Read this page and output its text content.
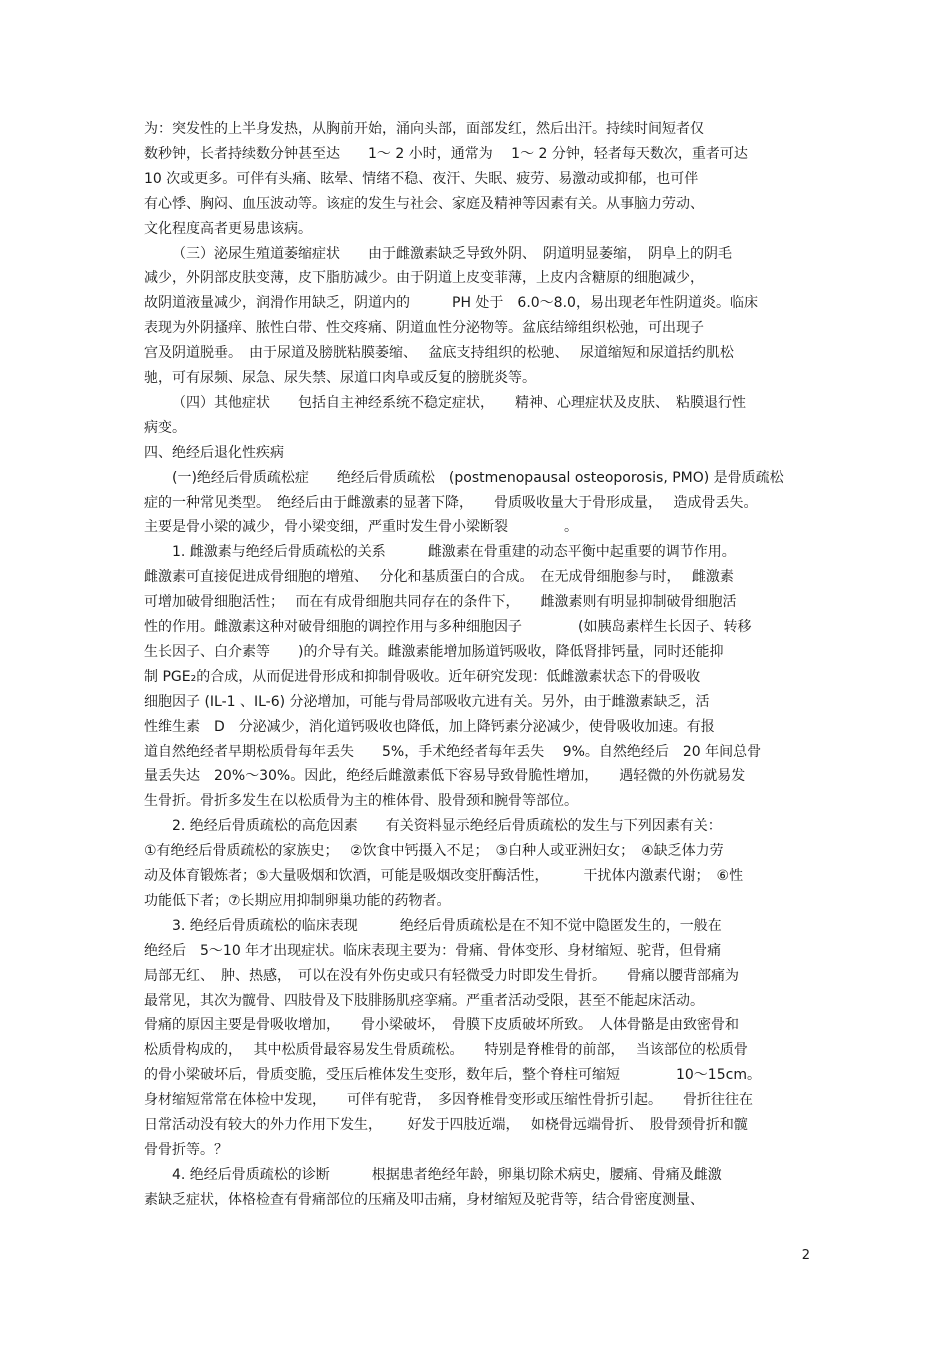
为：突发性的上半身发热，从胸前开始，涌向头部，面部发红，然后出汗。持续时间短者仅
数秒钟，长者持续数分钟甚至达　　1～ 2 小时，通常为　 1～ 2 分钟，轻者每天数次，重者可达
10 次或更多。可伴有头痛、眩晕、情绪不稳、夜汗、失眠、疲劳、易激动或抑郁，也可伴
有心悸、胸闷、血压波动等。该症的发生与社会、家庭及精神等因素有关。从事脑力劳动、
文化程度高者更易患该病。
（三）泌尿生殖道萎缩症状　　由于雌激素缺乏导致外阴、　阴道明显萎缩，　阴阜上的阴毛
减少，外阴部皮肤变薄，皮下脂肪减少。由于阴道上皮变菲薄，上皮内含糖原的细胞减少，
故阴道液量减少，润滑作用缺乏，阴道内的　　　PH 处于　6.0～8.0，易出现老年性阴道炎。临床
表现为外阴搔痒、脓性白带、性交疼痛、阴道血性分泌物等。盆底结缔组织松弛，可出现子
宫及阴道脱垂。　由于尿道及膀胱粘膜萎缩、　 盆底支持组织的松驰、　 尿道缩短和尿道括约肌松
驰，可有尿频、尿急、尿失禁、尿道口肉阜或反复的膀胱炎等。
（四）其他症状　　包括自主神经系统不稳定症状，　　精神、心理症状及皮肤、　粘膜退行性
病变。
四、绝经后退化性疾病
(一)绝经后骨质疏松症　　绝经后骨质疏松　(postmenopausal osteoporosis, PMO) 是骨质疏松
症的一种常见类型。　绝经后由于雌激素的显著下降，　　骨质吸收量大于骨形成量，　 造成骨丢失。
主要是骨小梁的减少，骨小梁变细，严重时发生骨小梁断裂　　　　。
1. 雌激素与绝经后骨质疏松的关系　　　雌激素在骨重建的动态平衡中起重要的调节作用。
雌激素可直接促进成骨细胞的增殖、　 分化和基质蛋白的合成。　在无成骨细胞参与时，　 雌激素
可增加破骨细胞活性；　 而在有成骨细胞共同存在的条件下，　　雌激素则有明显抑制破骨细胞活
性的作用。雌激素这种对破骨细胞的调控作用与多种细胞因子　　　　(如胰岛素样生长因子、转移
生长因子、白介素等　　)的介导有关。雌激素能增加肠道钙吸收，降低肾排钙量，同时还能抑
制 PGE₂的合成，从而促进骨形成和抑制骨吸收。近年研究发现：低雌激素状态下的骨吸收
细胞因子 (IL-1 、IL-6) 分泌增加，可能与骨局部吸收亢进有关。另外，由于雌激素缺乏，活
性维生素　D　分泌减少，消化道钙吸收也降低，加上降钙素分泌减少，使骨吸收加速。有报
道自然绝经者早期松质骨每年丢失　　5%，手术绝经者每年丢失　 9%。自然绝经后　20 年间总骨
量丢失达　20%～30%。因此，绝经后雌激素低下容易导致骨脆性增加，　　遇轻微的外伤就易发
生骨折。骨折多发生在以松质骨为主的椎体骨、股骨颈和腕骨等部位。
2. 绝经后骨质疏松的高危因素　　有关资料显示绝经后骨质疏松的发生与下列因素有关：
①有绝经后骨质疏松的家族史；　 ②饮食中钙摄入不足；　③白种人或亚洲妇女；　④缺乏体力劳
动及体育锻炼者；⑤大量吸烟和饮酒，可能是吸烟改变肝酶活性，　　　干扰体内激素代谢；　⑥性
功能低下者；⑦长期应用抑制卵巢功能的药物者。
3. 绝经后骨质疏松的临床表现　　　绝经后骨质疏松是在不知不觉中隐匿发生的，一般在
绝经后　5～10 年才出现症状。临床表现主要为：骨痛、骨体变形、身材缩短、驼背，但骨痛
局部无红、　肿、热感，　可以在没有外伤史或只有轻微受力时即发生骨折。　　骨痛以腰背部痛为
最常见，其次为髋骨、四肢骨及下肢腓肠肌痉挛痛。严重者活动受限，甚至不能起床活动。
骨痛的原因主要是骨吸收增加，　　骨小梁破坏，　骨膜下皮质破坏所致。　人体骨骼是由致密骨和
松质骨构成的，　 其中松质骨最容易发生骨质疏松。　　特别是脊椎骨的前部，　 当该部位的松质骨
的骨小梁破坏后，骨质变脆，受压后椎体发生变形，数年后，整个脊柱可缩短　　　　10～15cm。
身材缩短常常在体检中发现，　　可伴有驼背，　多因脊椎骨变形或压缩性骨折引起。　　骨折往往在
日常活动没有较大的外力作用下发生，　　 好发于四肢近端，　 如桡骨远端骨折、　股骨颈骨折和髋
骨骨折等。？
4. 绝经后骨质疏松的诊断　　　根据患者绝经年龄，卵巢切除术病史，腰痛、骨痛及雌激
素缺乏症状，体格检查有骨痛部位的压痛及叩击痛，身材缩短及驼背等，结合骨密度测量、
2
